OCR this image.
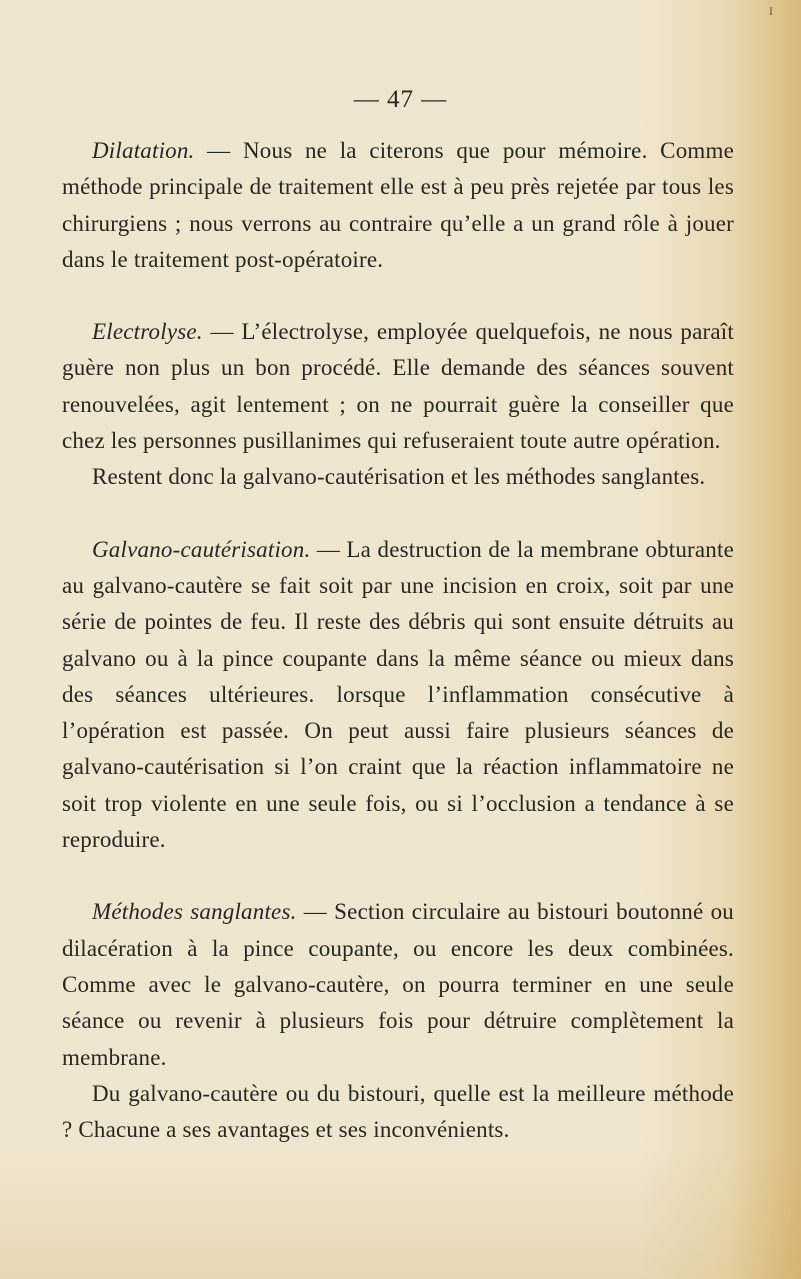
I
— 47 —

Dilatation. — Nous ne la citerons que pour mémoire. Comme méthode principale de traitement elle est à peu près rejetée par tous les chirurgiens ; nous verrons au contraire qu’elle a un grand rôle à jouer dans le traitement post-opératoire.

Electrolyse. — L’électrolyse, employée quelquefois, ne nous paraît guère non plus un bon procédé. Elle demande des séances souvent renouvelées, agit lentement ; on ne pourrait guère la conseiller que chez les personnes pusillanimes qui refuseraient toute autre opération.

Restent donc la galvano-cautérisation et les méthodes sanglantes.

Galvano-cautérisation. — La destruction de la membrane obturante au galvano-cautère se fait soit par une incision en croix, soit par une série de pointes de feu. Il reste des débris qui sont ensuite détruits au galvano ou à la pince coupante dans la même séance ou mieux dans des séances ultérieures. lorsque l’inflammation consécutive à l’opération est passée. On peut aussi faire plusieurs séances de galvano-cautérisation si l’on craint que la réaction inflammatoire ne soit trop violente en une seule fois, ou si l’occlusion a tendance à se reproduire.

Méthodes sanglantes. — Section circulaire au bistouri boutonné ou dilacération à la pince coupante, ou encore les deux combinées. Comme avec le galvano-cautère, on pourra terminer en une seule séance ou revenir à plusieurs fois pour détruire complètement la membrane.

Du galvano-cautère ou du bistouri, quelle est la meilleure méthode ? Chacune a ses avantages et ses inconvénients.
